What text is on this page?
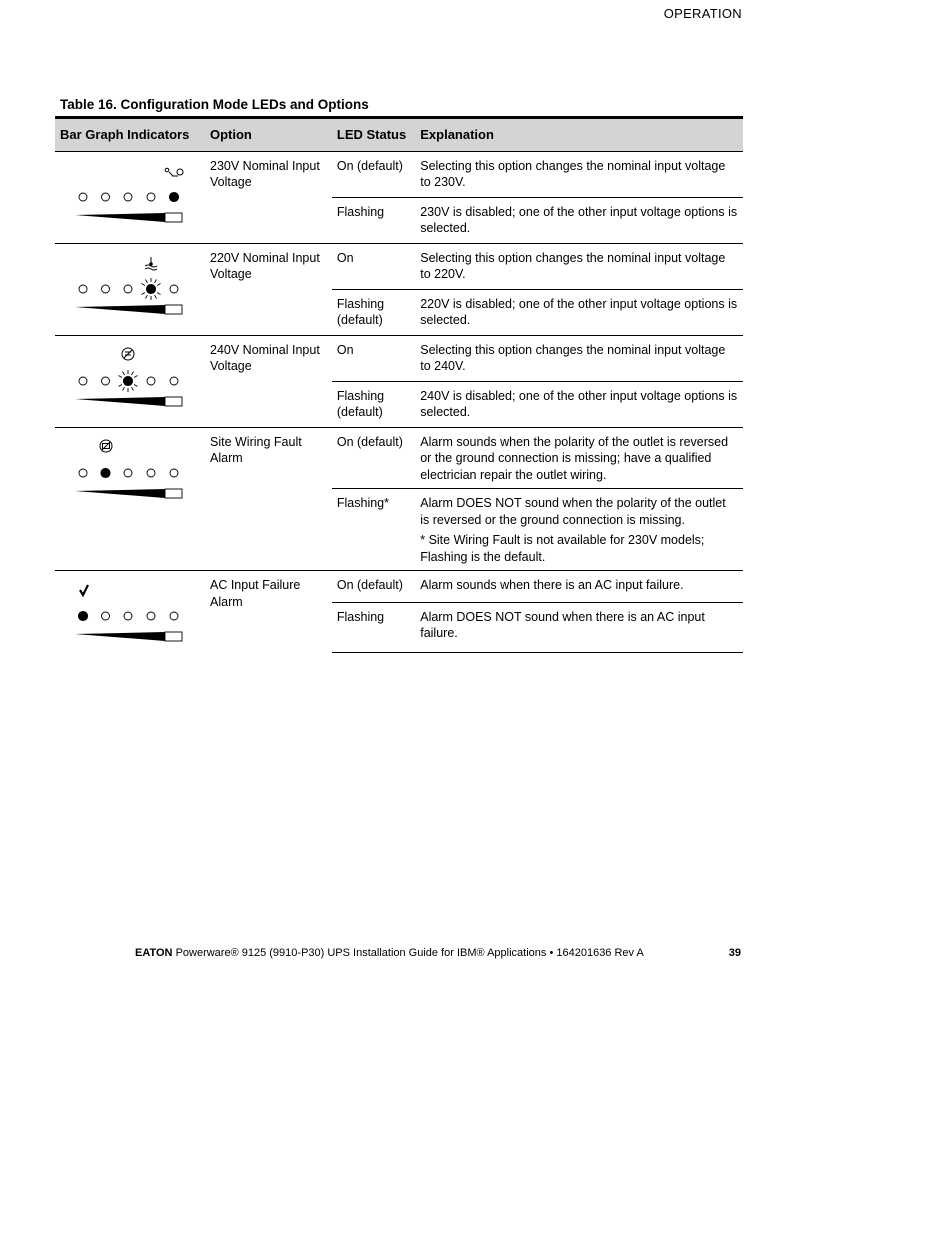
OPERATION
Table 16. Configuration Mode LEDs and Options
Bar Graph Indicators	Option	LED Status	Explanation

	230V Nominal Input Voltage	On (default)	Selecting this option changes the nominal input voltage to 230V.
		Flashing	230V is disabled; one of the other input voltage options is selected.

	220V Nominal Input Voltage	On	Selecting this option changes the nominal input voltage to 220V.
		Flashing (default)	220V is disabled; one of the other input voltage options is selected.

	240V Nominal Input Voltage	On	Selecting this option changes the nominal input voltage to 240V.
		Flashing (default)	240V is disabled; one of the other input voltage options is selected.

	Site Wiring Fault Alarm	On (default)	Alarm sounds when the polarity of the outlet is reversed or the ground connection is missing; have a qualified electrician repair the outlet wiring.
		Flashing*	Alarm DOES NOT sound when the polarity of the outlet is reversed or the ground connection is missing.
* Site Wiring Fault is not available for 230V models; Flashing is the default.

	AC Input Failure Alarm	On (default)	Alarm sounds when there is an AC input failure.
		Flashing	Alarm DOES NOT sound when there is an AC input failure.
EATON Powerware® 9125 (9910-P30) UPS Installation Guide for IBM® Applications • 164201636 Rev A	39
